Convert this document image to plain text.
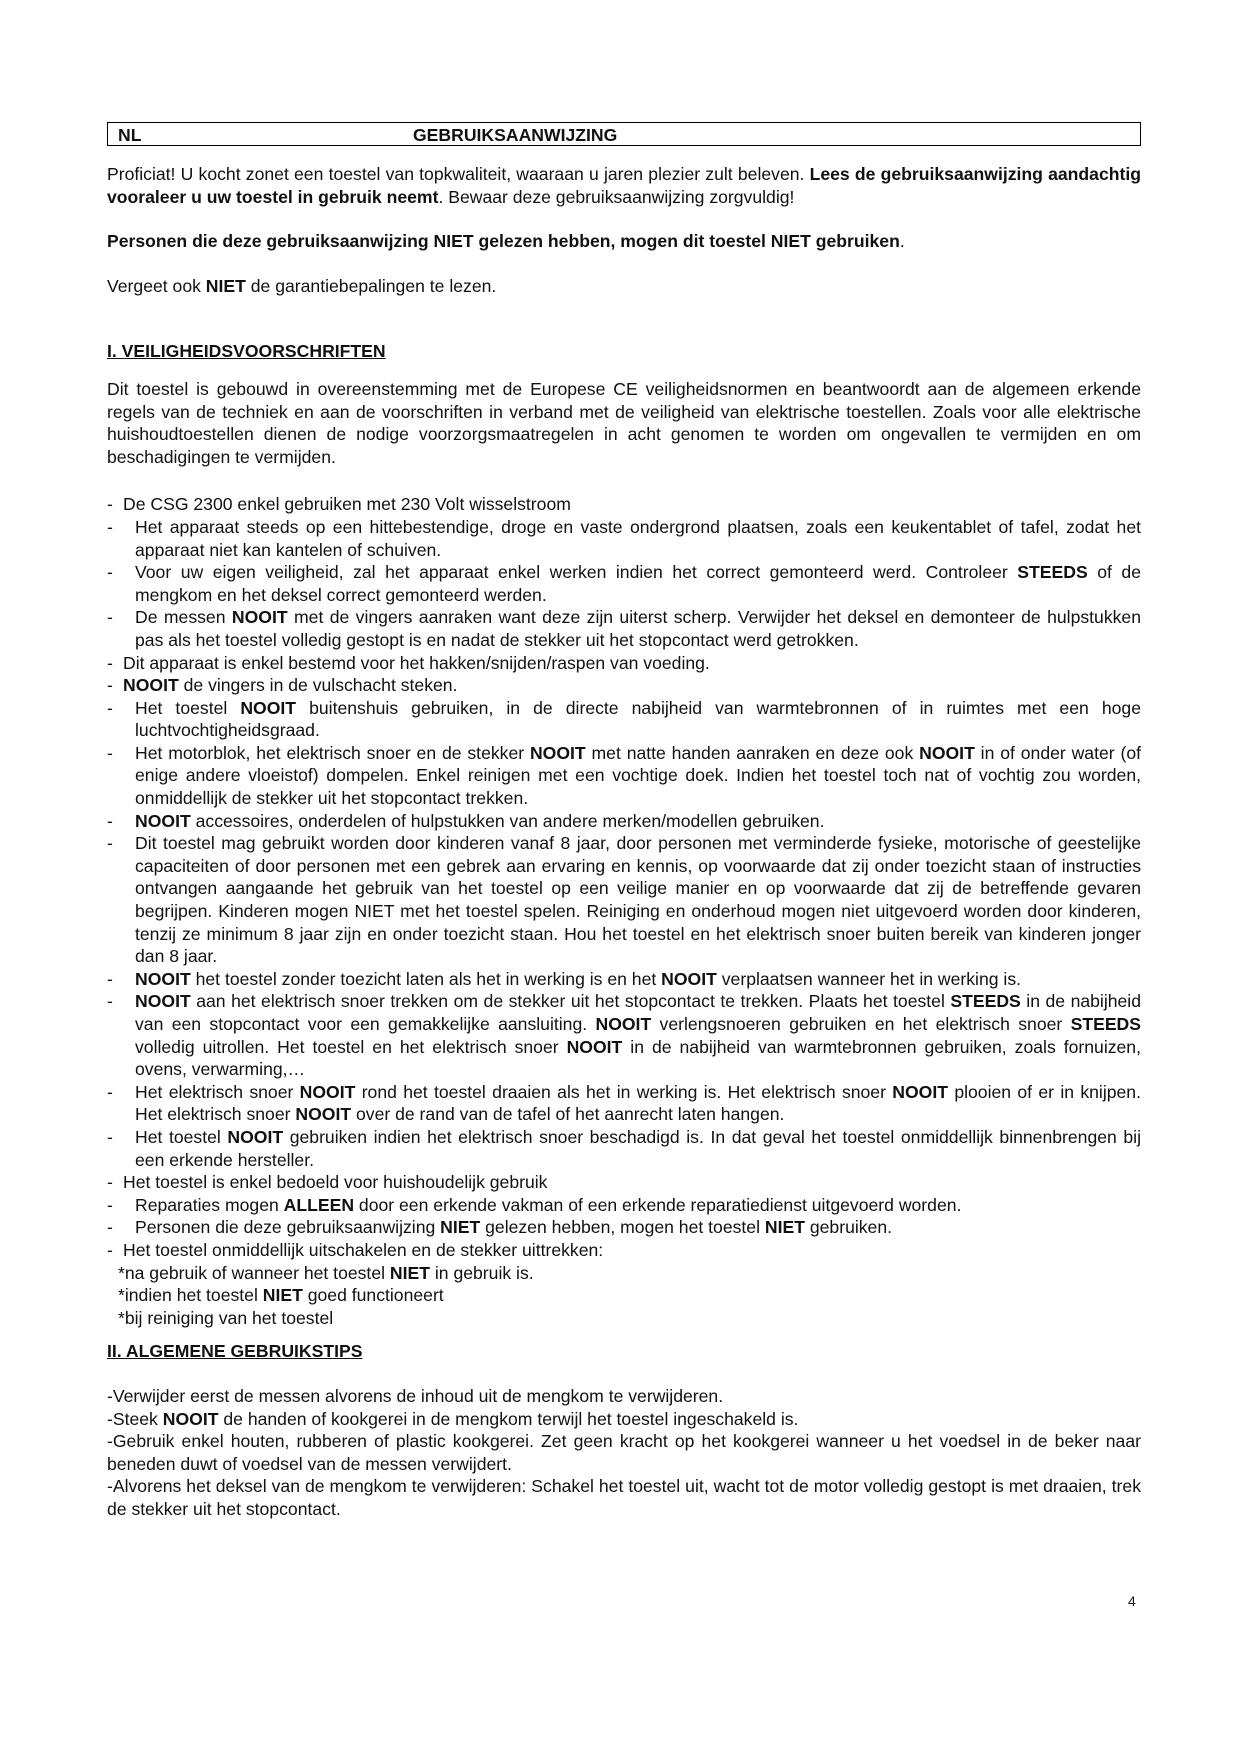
NL	GEBRUIKSAANWIJZING

Proficiat! U kocht zonet een toestel van topkwaliteit, waaraan u jaren plezier zult beleven. Lees de gebruiksaanwijzing aandachtig vooraleer u uw toestel in gebruik neemt. Bewaar deze gebruiksaanwijzing zorgvuldig!

Personen die deze gebruiksaanwijzing NIET gelezen hebben, mogen dit toestel NIET gebruiken.

Vergeet ook NIET de garantiebepalingen te lezen.

I. VEILIGHEIDSVOORSCHRIFTEN

Dit toestel is gebouwd in overeenstemming met de Europese CE veiligheidsnormen en beantwoordt aan de algemeen erkende regels van de techniek en aan de voorschriften in verband met de veiligheid van elektrische toestellen. Zoals voor alle elektrische huishoudtoestellen dienen de nodige voorzorgsmaatregelen in acht genomen te worden om ongevallen te vermijden en om beschadigingen te vermijden.

- De CSG 2300 enkel gebruiken met 230 Volt wisselstroom
- Het apparaat steeds op een hittebestendige, droge en vaste ondergrond plaatsen, zoals een keukentablet of tafel, zodat het apparaat niet kan kantelen of schuiven.
- Voor uw eigen veiligheid, zal het apparaat enkel werken indien het correct gemonteerd werd. Controleer STEEDS of de mengkom en het deksel correct gemonteerd werden.
- De messen NOOIT met de vingers aanraken want deze zijn uiterst scherp. Verwijder het deksel en demonteer de hulpstukken pas als het toestel volledig gestopt is en nadat de stekker uit het stopcontact werd getrokken.
- Dit apparaat is enkel bestemd voor het hakken/snijden/raspen van voeding.
- NOOIT de vingers in de vulschacht steken.
- Het toestel NOOIT buitenshuis gebruiken, in de directe nabijheid van warmtebronnen of in ruimtes met een hoge luchtvochtigheidsgraad.
- Het motorblok, het elektrisch snoer en de stekker NOOIT met natte handen aanraken en deze ook NOOIT in of onder water (of enige andere vloeistof) dompelen. Enkel reinigen met een vochtige doek. Indien het toestel toch nat of vochtig zou worden, onmiddellijk de stekker uit het stopcontact trekken.
- NOOIT accessoires, onderdelen of hulpstukken van andere merken/modellen gebruiken.
- Dit toestel mag gebruikt worden door kinderen vanaf 8 jaar, door personen met verminderde fysieke, motorische of geestelijke capaciteiten of door personen met een gebrek aan ervaring en kennis, op voorwaarde dat zij onder toezicht staan of instructies ontvangen aangaande het gebruik van het toestel op een veilige manier en op voorwaarde dat zij de betreffende gevaren begrijpen. Kinderen mogen NIET met het toestel spelen. Reiniging en onderhoud mogen niet uitgevoerd worden door kinderen, tenzij ze minimum 8 jaar zijn en onder toezicht staan. Hou het toestel en het elektrisch snoer buiten bereik van kinderen jonger dan 8 jaar.
- NOOIT het toestel zonder toezicht laten als het in werking is en het NOOIT verplaatsen wanneer het in werking is.
- NOOIT aan het elektrisch snoer trekken om de stekker uit het stopcontact te trekken. Plaats het toestel STEEDS in de nabijheid van een stopcontact voor een gemakkelijke aansluiting. NOOIT verlengsnoeren gebruiken en het elektrisch snoer STEEDS volledig uitrollen. Het toestel en het elektrisch snoer NOOIT in de nabijheid van warmtebronnen gebruiken, zoals fornuizen, ovens, verwarming,…
- Het elektrisch snoer NOOIT rond het toestel draaien als het in werking is. Het elektrisch snoer NOOIT plooien of er in knijpen. Het elektrisch snoer NOOIT over de rand van de tafel of het aanrecht laten hangen.
- Het toestel NOOIT gebruiken indien het elektrisch snoer beschadigd is. In dat geval het toestel onmiddellijk binnenbrengen bij een erkende hersteller.
- Het toestel is enkel bedoeld voor huishoudelijk gebruik
- Reparaties mogen ALLEEN door een erkende vakman of een erkende reparatiedienst uitgevoerd worden.
- Personen die deze gebruiksaanwijzing NIET gelezen hebben, mogen het toestel NIET gebruiken.
- Het toestel onmiddellijk uitschakelen en de stekker uittrekken:
*na gebruik of wanneer het toestel NIET in gebruik is.
*indien het toestel NIET goed functioneert
*bij reiniging van het toestel
II. ALGEMENE GEBRUIKSTIPS

-Verwijder eerst de messen alvorens de inhoud uit de mengkom te verwijderen.

-Steek NOOIT de handen of kookgerei in de mengkom terwijl het toestel ingeschakeld is.

-Gebruik enkel houten, rubberen of plastic kookgerei. Zet geen kracht op het kookgerei wanneer u het voedsel in de beker naar beneden duwt of voedsel van de messen verwijdert.

-Alvorens het deksel van de mengkom te verwijderen: Schakel het toestel uit, wacht tot de motor volledig gestopt is met draaien, trek de stekker uit het stopcontact.

4
